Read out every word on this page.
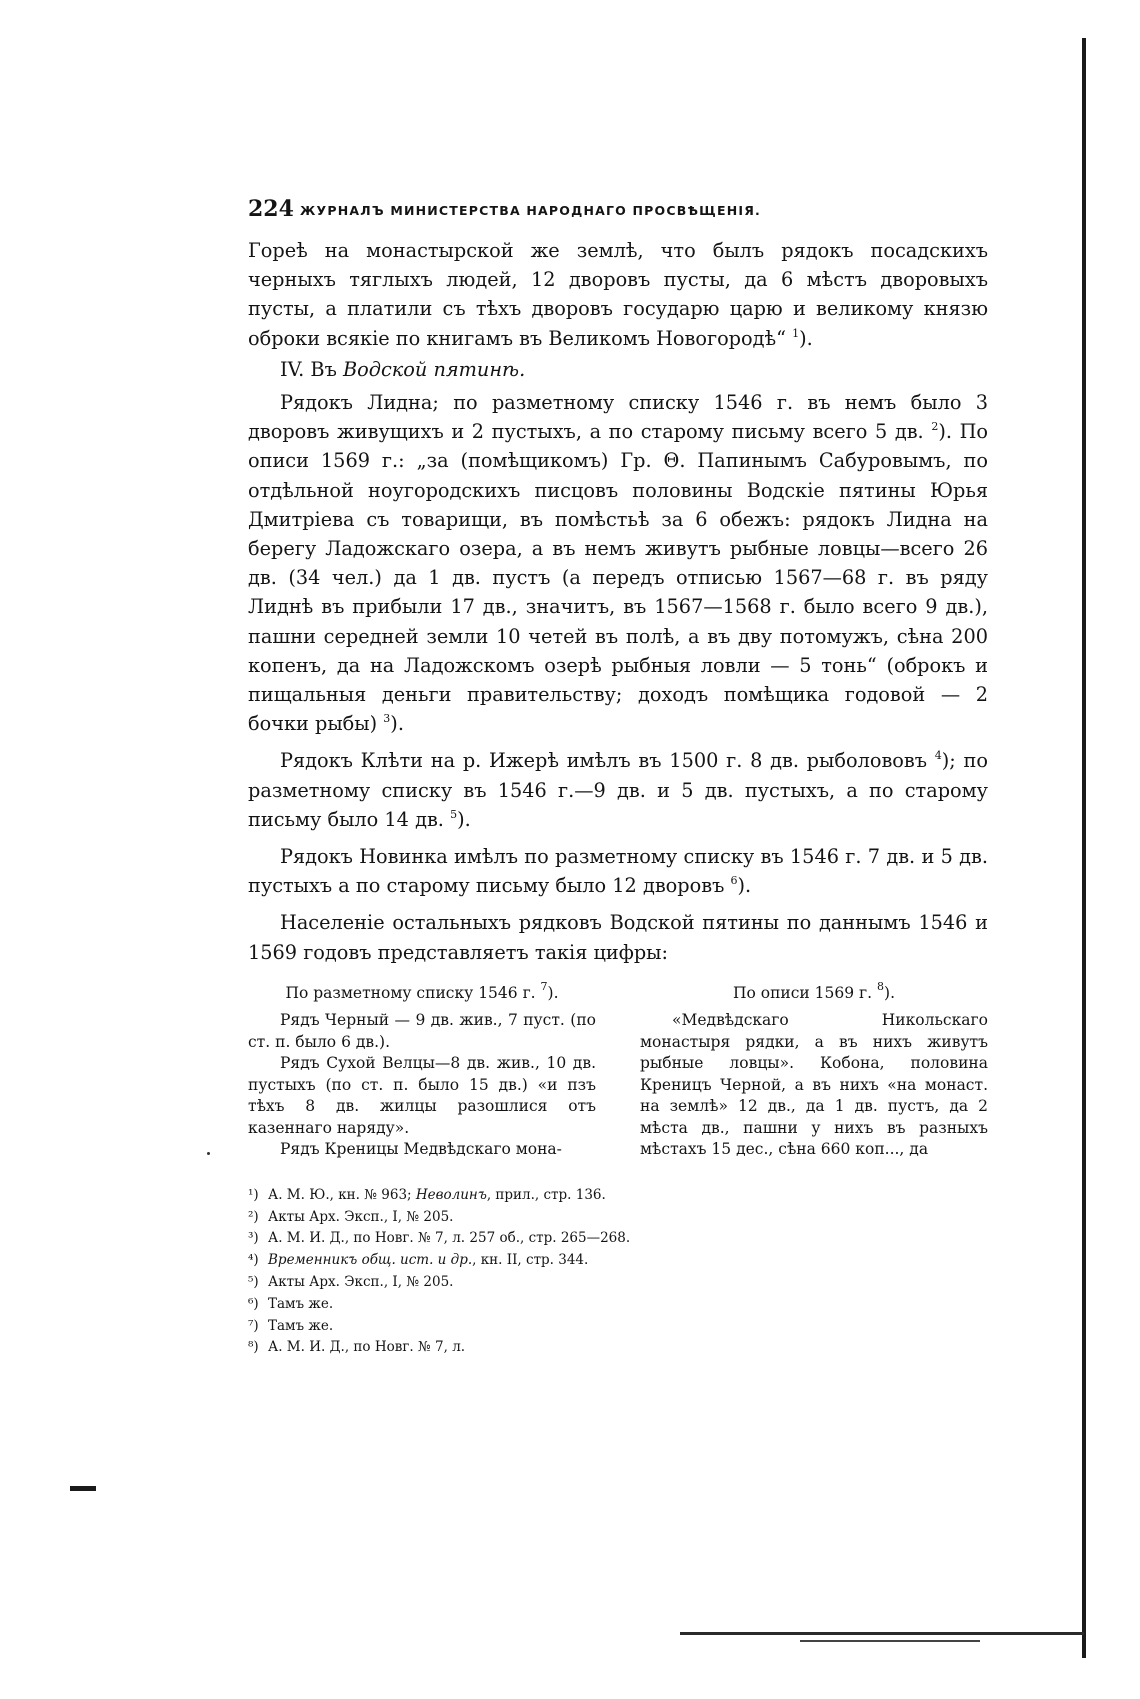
224 ЖУРНАЛЪ МИНИСТЕРСТВА НАРОДНАГО ПРОСВѢЩЕНІЯ.

Гореѣ на монастырской же землѣ, что былъ рядокъ посадскихъ черныхъ тяглыхъ людей, 12 дворовъ пусты, да 6 мѣстъ дворовыхъ пусты, а платили съ тѣхъ дворовъ государю царю и великому князю оброки всякіе по книгамъ въ Великомъ Новогородѣ“ $^1$).

IV. Въ Водской пятинѣ.

Рядокъ Лидна; по разметному списку 1546 г. въ немъ было 3 дворовъ живущихъ и 2 пустыхъ, а по старому письму всего 5 дв. $^2$). По описи 1569 г.: „за (помѣщикомъ) Гр. Θ. Папинымъ Сабуровымъ, по отдѣльной ноугородскихъ писцовъ половины Водскіе пятины Юрья Дмитріева съ товарищи, въ помѣстьѣ за 6 обежъ: рядокъ Лидна на берегу Ладожскаго озера, а въ немъ живутъ рыбные ловцы—всего 26 дв. (34 чел.) да 1 дв. пустъ (а передъ отписью 1567—68 г. въ ряду Лиднѣ въ прибыли 17 дв., значитъ, въ 1567—1568 г. было всего 9 дв.), пашни середней земли 10 четей въ полѣ, а въ дву потомужъ, сѣна 200 копенъ, да на Ладожскомъ озерѣ рыбныя ловли — 5 тонь“ (оброкъ и пищальныя деньги правительству; доходъ помѣщика годовой — 2 бочки рыбы) $^3$).

Рядокъ Клѣти на р. Ижерѣ имѣлъ въ 1500 г. 8 дв. рыболововъ $^4$); по разметному списку въ 1546 г.—9 дв. и 5 дв. пустыхъ, а по старому письму было 14 дв. $^5$).

Рядокъ Новинка имѣлъ по разметному списку въ 1546 г. 7 дв. и 5 дв. пустыхъ а по старому письму было 12 дворовъ $^6$).

Населеніе остальныхъ рядковъ Водской пятины по даннымъ 1546 и 1569 годовъ представляетъ такія цифры:

По разметному списку 1546 г. $^7$).

Рядъ Черный — 9 дв. жив., 7 пуст. (по ст. п. было 6 дв.).

Рядъ Сухой Велцы—8 дв. жив., 10 дв. пустыхъ (по ст. п. было 15 дв.) «и пзъ тѣхъ 8 дв. жилцы разошлися отъ казеннаго наряду».

Рядъ Креницы Медвѣдскаго мона-

По описи 1569 г. $^8$).

«Медвѣдскаго Никольскаго монастыря рядки, а въ нихъ живутъ рыбные ловцы». Кобона, половина Креницъ Черной, а въ нихъ «на монаст. на землѣ» 12 дв., да 1 дв. пустъ, да 2 мѣста дв., пашни у нихъ въ разныхъ мѣстахъ 15 дес., сѣна 660 коп..., да

¹) А. М. Ю., кн. № 963; Неволинъ, прил., стр. 136.
²) Акты Арх. Эксп., I, № 205.
³) А. М. И. Д., по Новг. № 7, л. 257 об., стр. 265—268.
⁴) Временникъ общ. ист. и др., кн. II, стр. 344.
⁵) Акты Арх. Эксп., I, № 205.
⁶) Тамъ же.
⁷) Тамъ же.
⁸) А. М. И. Д., по Новг. № 7, л.
